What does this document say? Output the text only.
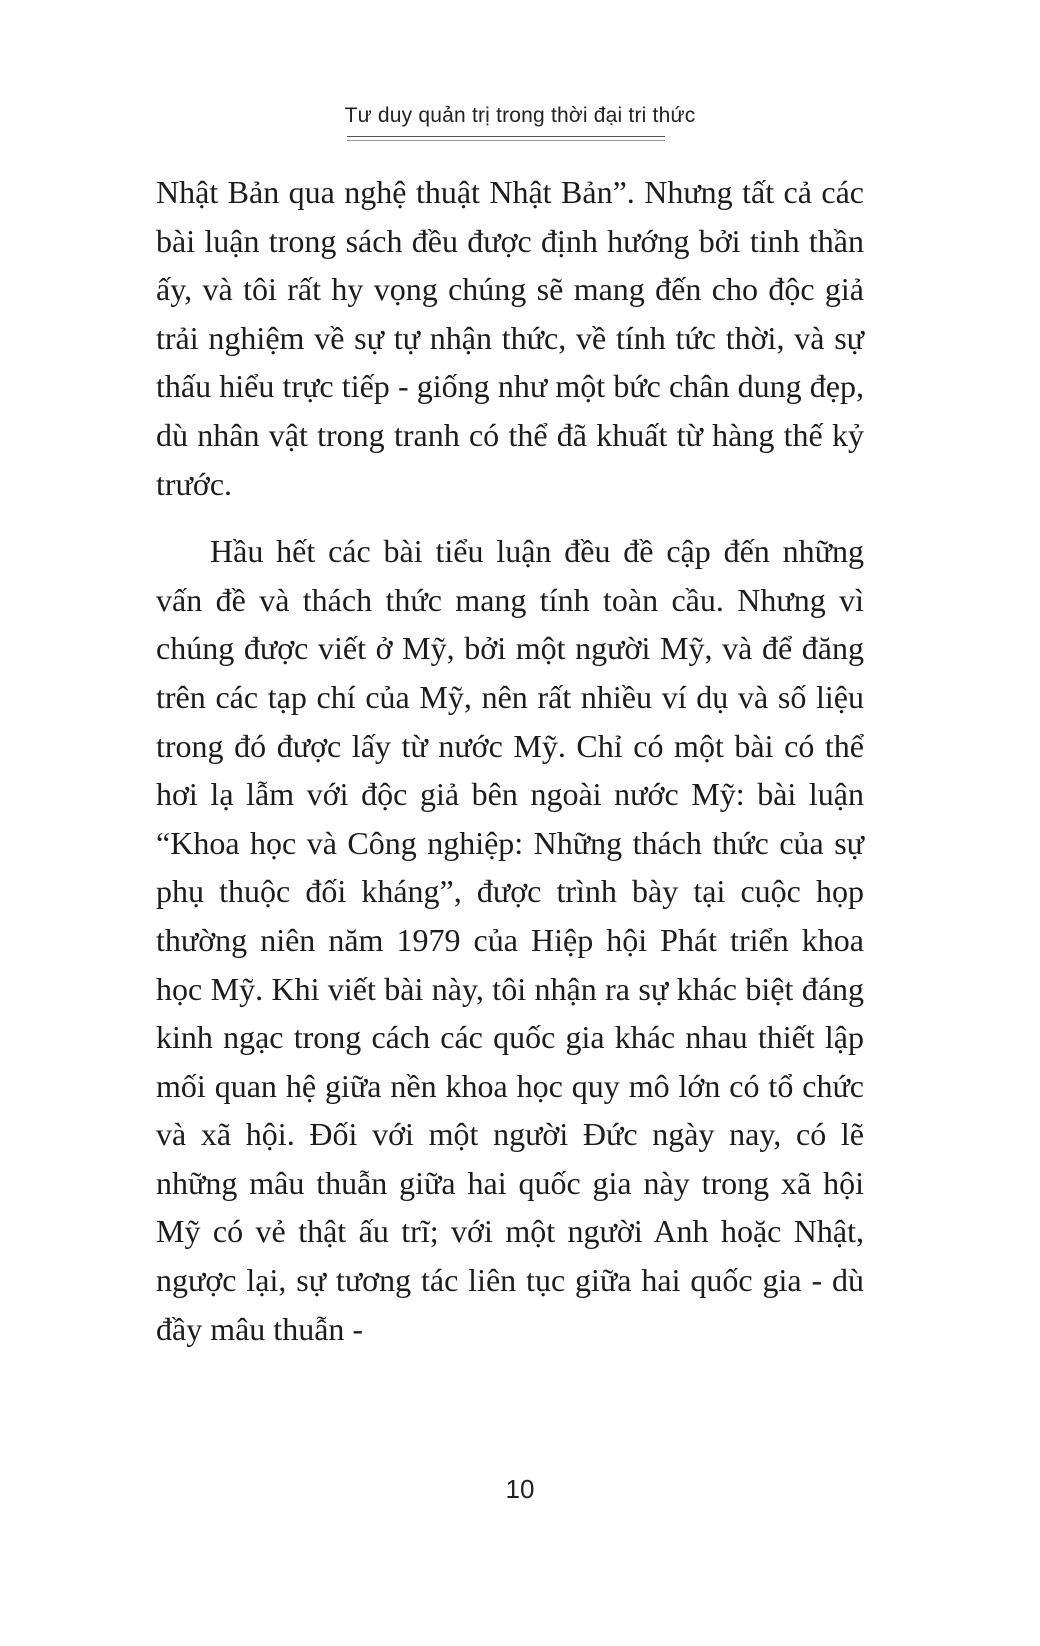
Tư duy quản trị trong thời đại tri thức

Nhật Bản qua nghệ thuật Nhật Bản”. Nhưng tất cả các bài luận trong sách đều được định hướng bởi tinh thần ấy, và tôi rất hy vọng chúng sẽ mang đến cho độc giả trải nghiệm về sự tự nhận thức, về tính tức thời, và sự thấu hiểu trực tiếp - giống như một bức chân dung đẹp, dù nhân vật trong tranh có thể đã khuất từ hàng thế kỷ trước.

Hầu hết các bài tiểu luận đều đề cập đến những vấn đề và thách thức mang tính toàn cầu. Nhưng vì chúng được viết ở Mỹ, bởi một người Mỹ, và để đăng trên các tạp chí của Mỹ, nên rất nhiều ví dụ và số liệu trong đó được lấy từ nước Mỹ. Chỉ có một bài có thể hơi lạ lẫm với độc giả bên ngoài nước Mỹ: bài luận “Khoa học và Công nghiệp: Những thách thức của sự phụ thuộc đối kháng”, được trình bày tại cuộc họp thường niên năm 1979 của Hiệp hội Phát triển khoa học Mỹ. Khi viết bài này, tôi nhận ra sự khác biệt đáng kinh ngạc trong cách các quốc gia khác nhau thiết lập mối quan hệ giữa nền khoa học quy mô lớn có tổ chức và xã hội. Đối với một người Đức ngày nay, có lẽ những mâu thuẫn giữa hai quốc gia này trong xã hội Mỹ có vẻ thật ấu trĩ; với một người Anh hoặc Nhật, ngược lại, sự tương tác liên tục giữa hai quốc gia - dù đầy mâu thuẫn -

10
